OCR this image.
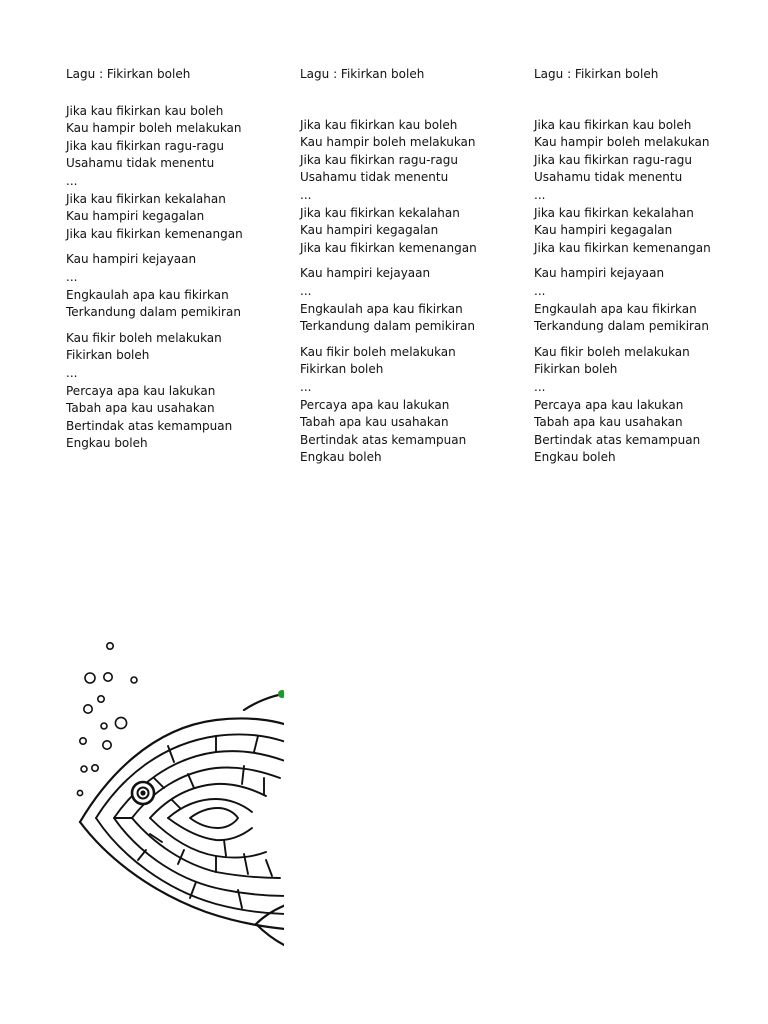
Lagu : Fikirkan boleh
Jika kau fikirkan kau boleh
Kau hampir boleh melakukan
Jika kau fikirkan ragu-ragu
Usahamu tidak menentu
...
Jika kau fikirkan kekalahan
Kau hampiri kegagalan
Jika kau fikirkan kemenangan
Kau hampiri kejayaan
...
Engkaulah apa kau fikirkan
Terkandung dalam pemikiran
Kau fikir boleh melakukan
Fikirkan boleh
...
Percaya apa kau lakukan
Tabah apa kau usahakan
Bertindak atas kemampuan
Engkau boleh
Lagu : Fikirkan boleh
Jika kau fikirkan kau boleh
Kau hampir boleh melakukan
Jika kau fikirkan ragu-ragu
Usahamu tidak menentu
...
Jika kau fikirkan kekalahan
Kau hampiri kegagalan
Jika kau fikirkan kemenangan
Kau hampiri kejayaan
...
Engkaulah apa kau fikirkan
Terkandung dalam pemikiran
Kau fikir boleh melakukan
Fikirkan boleh
...
Percaya apa kau lakukan
Tabah apa kau usahakan
Bertindak atas kemampuan
Engkau boleh
Lagu : Fikirkan boleh
Jika kau fikirkan kau boleh
Kau hampir boleh melakukan
Jika kau fikirkan ragu-ragu
Usahamu tidak menentu
...
Jika kau fikirkan kekalahan
Kau hampiri kegagalan
Jika kau fikirkan kemenangan
Kau hampiri kejayaan
...
Engkaulah apa kau fikirkan
Terkandung dalam pemikiran
Kau fikir boleh melakukan
Fikirkan boleh
...
Percaya apa kau lakukan
Tabah apa kau usahakan
Bertindak atas kemampuan
Engkau boleh
